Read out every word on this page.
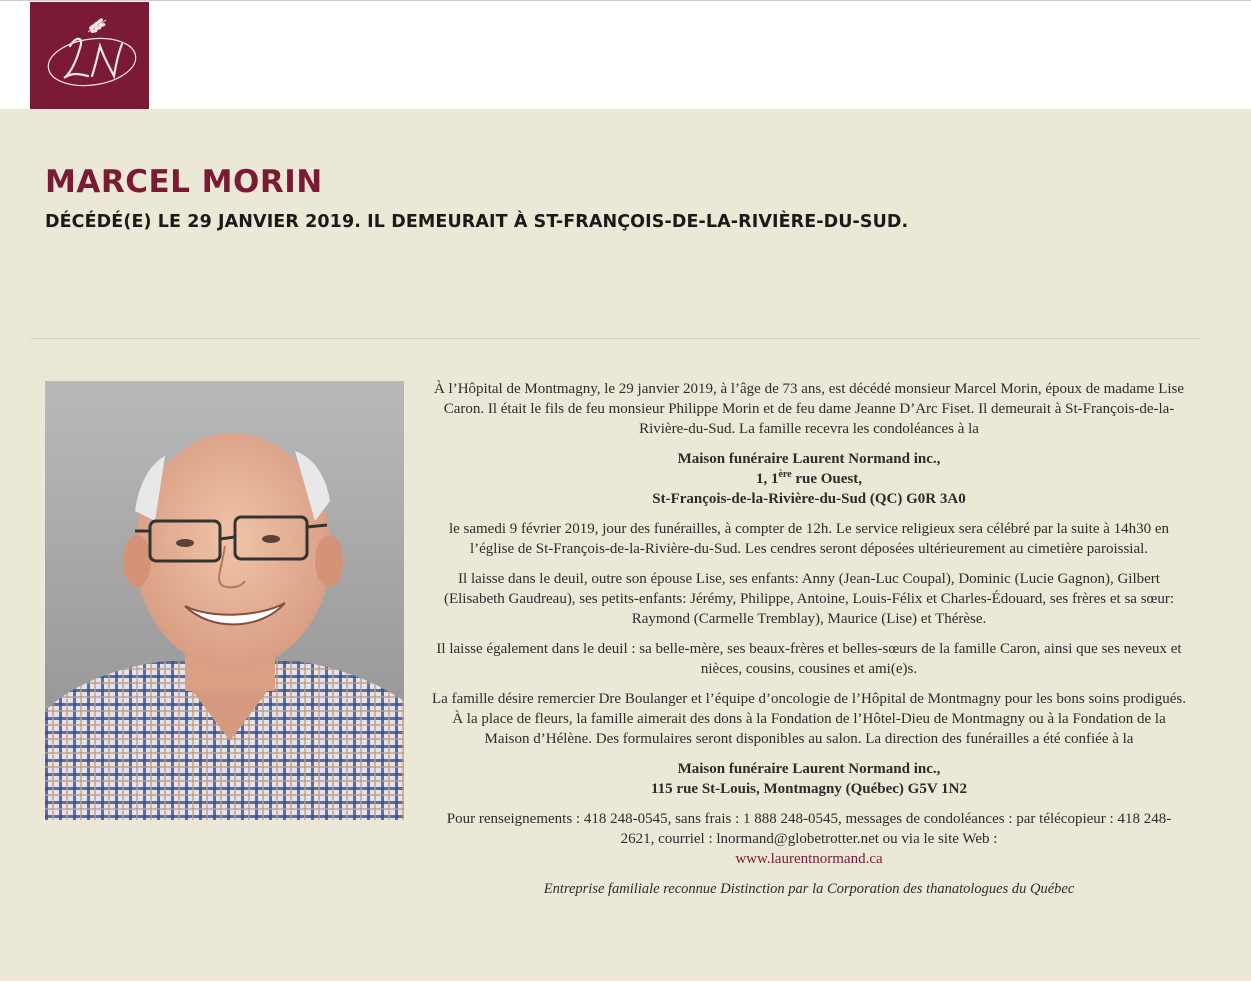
MARCEL MORIN
DÉCÉDÉ(E) LE 29 JANVIER 2019. IL DEMEURAIT À ST-FRANÇOIS-DE-LA-RIVIÈRE-DU-SUD.

À l’Hôpital de Montmagny, le 29 janvier 2019, à l’âge de 73 ans, est décédé monsieur Marcel Morin, époux de madame Lise Caron. Il était le fils de feu monsieur Philippe Morin et de feu dame Jeanne D’Arc Fiset. Il demeurait à St-François-de-la-Rivière-du-Sud. La famille recevra les condoléances à la

Maison funéraire Laurent Normand inc.,
1, 1ère rue Ouest,
St-François-de-la-Rivière-du-Sud (QC) G0R 3A0

le samedi 9 février 2019, jour des funérailles, à compter de 12h. Le service religieux sera célébré par la suite à 14h30 en l’église de St-François-de-la-Rivière-du-Sud. Les cendres seront déposées ultérieurement au cimetière paroissial.

Il laisse dans le deuil, outre son épouse Lise, ses enfants: Anny (Jean-Luc Coupal), Dominic (Lucie Gagnon), Gilbert (Elisabeth Gaudreau), ses petits-enfants: Jérémy, Philippe, Antoine, Louis-Félix et Charles-Édouard, ses frères et sa sœur: Raymond (Carmelle Tremblay), Maurice (Lise) et Thérèse.

Il laisse également dans le deuil : sa belle-mère, ses beaux-frères et belles-sœurs de la famille Caron, ainsi que ses neveux et nièces, cousins, cousines et ami(e)s.

La famille désire remercier Dre Boulanger et l’équipe d’oncologie de l’Hôpital de Montmagny pour les bons soins prodigués. À la place de fleurs, la famille aimerait des dons à la Fondation de l’Hôtel-Dieu de Montmagny ou à la Fondation de la Maison d’Hélène. Des formulaires seront disponibles au salon. La direction des funérailles a été confiée à la

Maison funéraire Laurent Normand inc.,
115 rue St-Louis, Montmagny (Québec) G5V 1N2

Pour renseignements : 418 248-0545, sans frais : 1 888 248-0545, messages de condoléances : par télécopieur : 418 248-2621, courriel : lnormand@globetrotter.net ou via le site Web :
www.laurentnormand.ca

Entreprise familiale reconnue Distinction par la Corporation des thanatologues du Québec
